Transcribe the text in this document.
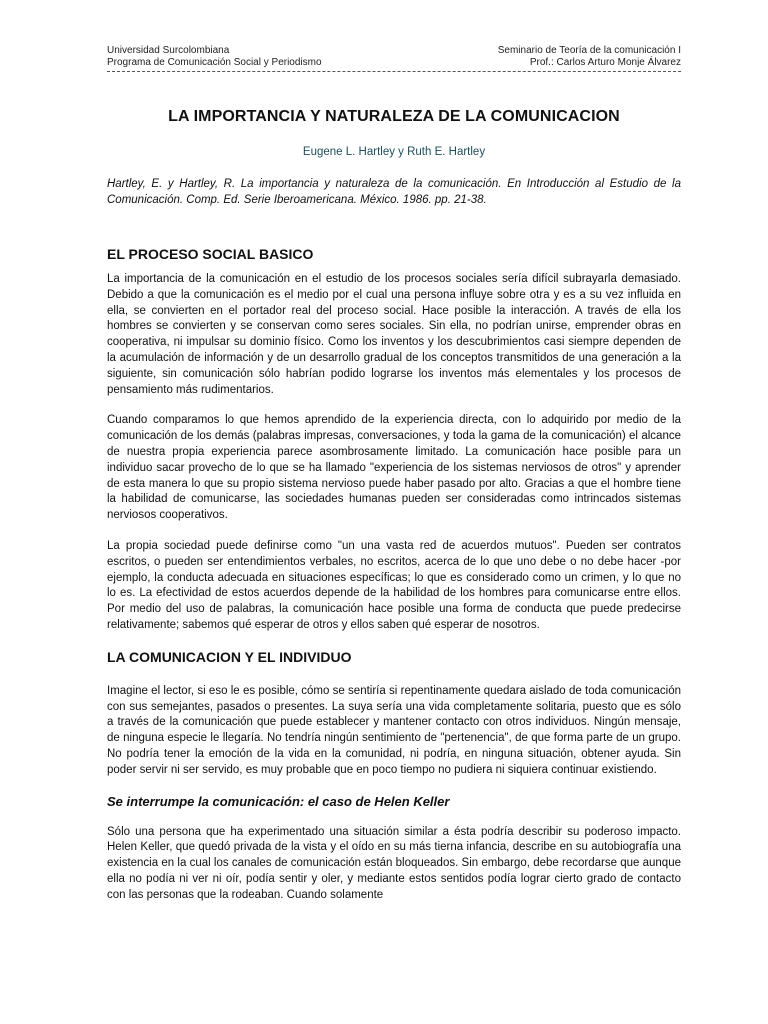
Universidad Surcolombiana	Seminario de Teoría de la comunicación I
Programa de Comunicación Social y Periodismo	Prof.: Carlos Arturo Monje Álvarez
LA IMPORTANCIA Y NATURALEZA DE LA COMUNICACION
Eugene L. Hartley y Ruth E. Hartley
Hartley, E. y Hartley, R. La importancia y naturaleza de la comunicación. En Introducción al Estudio de la Comunicación. Comp. Ed. Serie Iberoamericana. México. 1986. pp. 21-38.
EL PROCESO SOCIAL BASICO

La importancia de la comunicación en el estudio de los procesos sociales sería difícil subrayarla demasiado. Debido a que la comunicación es el medio por el cual una persona influye sobre otra y es a su vez influida en ella, se convierten en el portador real del proceso social. Hace posible la interacción. A través de ella los hombres se convierten y se conservan como seres sociales. Sin ella, no podrían unirse, emprender obras en cooperativa, ni impulsar su dominio físico. Como los inventos y los descubrimientos casi siempre dependen de la acumulación de información y de un desarrollo gradual de los conceptos transmitidos de una generación a la siguiente, sin comunicación sólo habrían podido lograrse los inventos más elementales y los procesos de pensamiento más rudimentarios.

Cuando comparamos lo que hemos aprendido de la experiencia directa, con lo adquirido por medio de la comunicación de los demás (palabras impresas, conversaciones, y toda la gama de la comunicación) el alcance de nuestra propia experiencia parece asombrosamente limitado. La comunicación hace posible para un individuo sacar provecho de lo que se ha llamado "experiencia de los sistemas nerviosos de otros" y aprender de esta manera lo que su propio sistema nervioso puede haber pasado por alto. Gracias a que el hombre tiene la habilidad de comunicarse, las sociedades humanas pueden ser consideradas como intrincados sistemas nerviosos cooperativos.

La propia sociedad puede definirse como "un una vasta red de acuerdos mutuos". Pueden ser contratos escritos, o pueden ser entendimientos verbales, no escritos, acerca de lo que uno debe o no debe hacer -por ejemplo, la conducta adecuada en situaciones específicas; lo que es considerado como un crimen, y lo que no lo es. La efectividad de estos acuerdos depende de la habilidad de los hombres para comunicarse entre ellos. Por medio del uso de palabras, la comunicación hace posible una forma de conducta que puede predecirse relativamente; sabemos qué esperar de otros y ellos saben qué esperar de nosotros.

LA COMUNICACION Y EL INDIVIDUO

Imagine el lector, si eso le es posible, cómo se sentiría si repentinamente quedara aislado de toda comunicación con sus semejantes, pasados o presentes. La suya sería una vida completamente solitaria, puesto que es sólo a través de la comunicación que puede establecer y mantener contacto con otros individuos. Ningún mensaje, de ninguna especie le llegaría. No tendría ningún sentimiento de "pertenencia", de que forma parte de un grupo. No podría tener la emoción de la vida en la comunidad, ni podría, en ninguna situación, obtener ayuda. Sin poder servir ni ser servido, es muy probable que en poco tiempo no pudiera ni siquiera continuar existiendo.

Se interrumpe la comunicación: el caso de Helen Keller

Sólo una persona que ha experimentado una situación similar a ésta podría describir su poderoso impacto. Helen Keller, que quedó privada de la vista y el oído en su más tierna infancia, describe en su autobiografía una existencia en la cual los canales de comunicación están bloqueados. Sin embargo, debe recordarse que aunque ella no podía ni ver ni oír, podía sentir y oler, y mediante estos sentidos podía lograr cierto grado de contacto con las personas que la rodeaban. Cuando solamente
